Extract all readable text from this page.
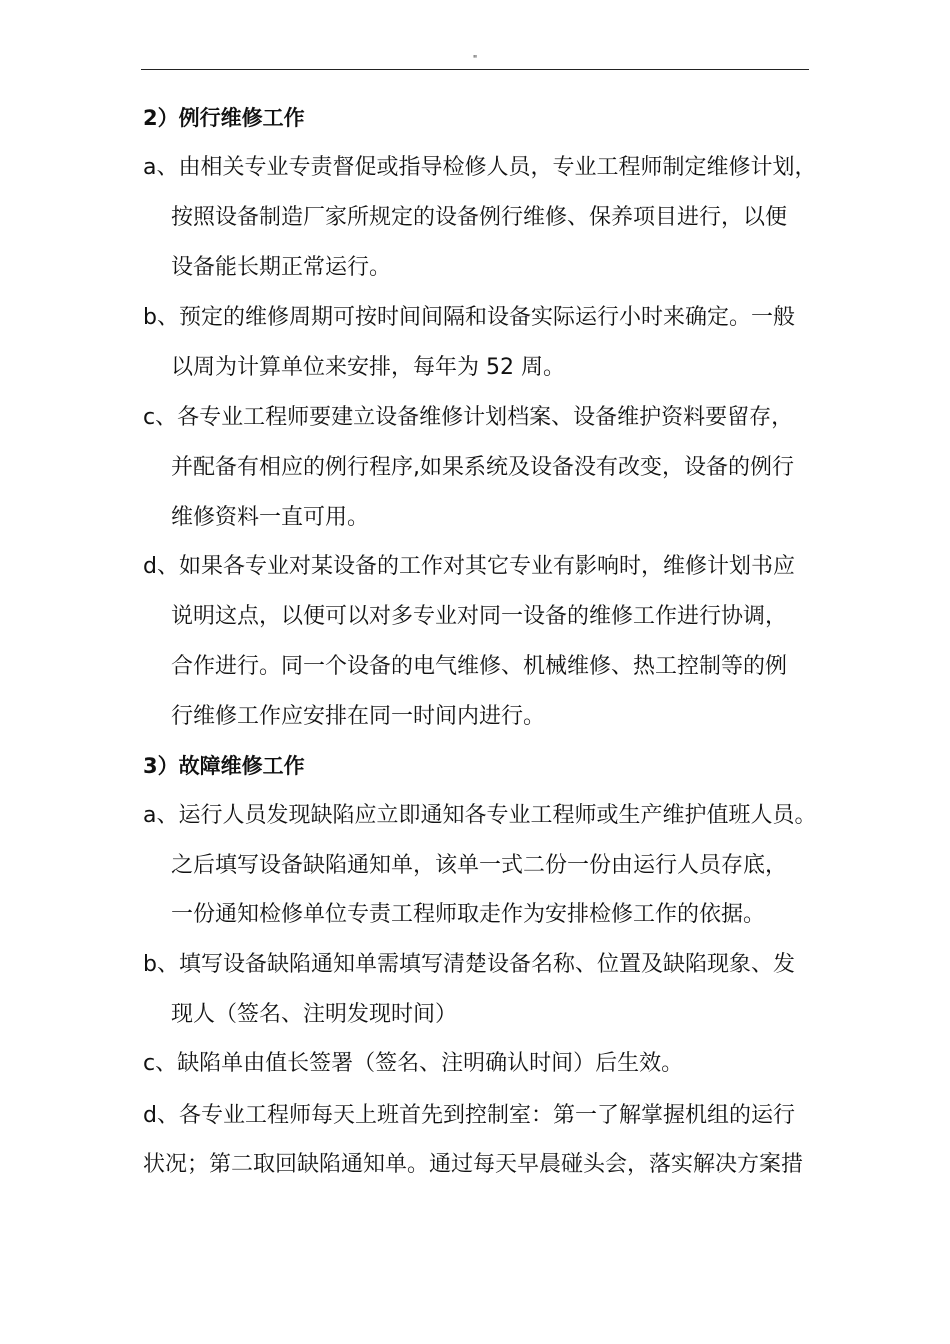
"
2）例行维修工作
a、由相关专业专责督促或指导检修人员，专业工程师制定维修计划，
按照设备制造厂家所规定的设备例行维修、保养项目进行，以便
设备能长期正常运行。
b、预定的维修周期可按时间间隔和设备实际运行小时来确定。一般
以周为计算单位来安排，每年为 52 周。
c、各专业工程师要建立设备维修计划档案、设备维护资料要留存，
并配备有相应的例行程序,如果系统及设备没有改变，设备的例行
维修资料一直可用。
d、如果各专业对某设备的工作对其它专业有影响时，维修计划书应
说明这点，以便可以对多专业对同一设备的维修工作进行协调，
合作进行。同一个设备的电气维修、机械维修、热工控制等的例
行维修工作应安排在同一时间内进行。
3）故障维修工作
a、运行人员发现缺陷应立即通知各专业工程师或生产维护值班人员。
之后填写设备缺陷通知单，该单一式二份一份由运行人员存底，
一份通知检修单位专责工程师取走作为安排检修工作的依据。
b、填写设备缺陷通知单需填写清楚设备名称、位置及缺陷现象、发
现人（签名、注明发现时间）
c、缺陷单由值长签署（签名、注明确认时间）后生效。
d、各专业工程师每天上班首先到控制室：第一了解掌握机组的运行
状况；第二取回缺陷通知单。通过每天早晨碰头会，落实解决方案措
